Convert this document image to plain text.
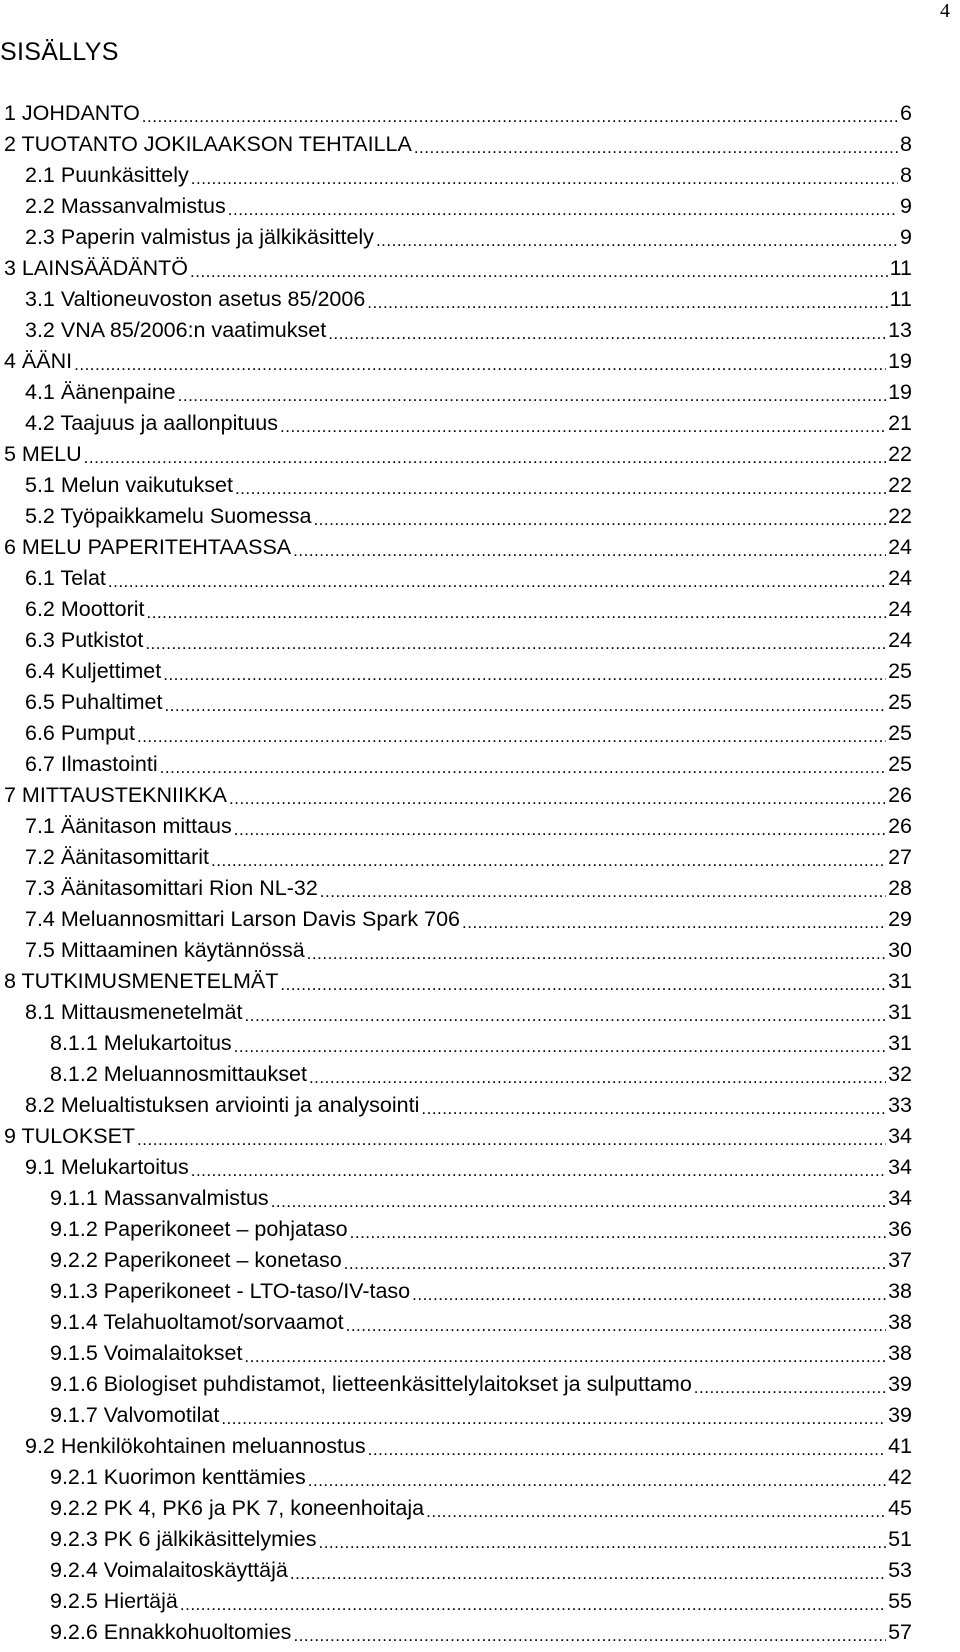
4
SISÄLLYS
1 JOHDANTO .....	6
2 TUOTANTO JOKILAAKSON TEHTAILLA .....	8
2.1 Puunkäsittely .....	8
2.2 Massanvalmistus .....	9
2.3 Paperin valmistus ja jälkikäsittely .....	9
3 LAINSÄÄDÄNTÖ .....	11
3.1 Valtioneuvoston asetus 85/2006 .....	11
3.2 VNA 85/2006:n vaatimukset .....	13
4 ÄÄNI .....	19
4.1 Äänenpaine .....	19
4.2 Taajuus ja aallonpituus .....	21
5 MELU .....	22
5.1 Melun vaikutukset .....	22
5.2 Työpaikkamelu Suomessa .....	22
6 MELU PAPERITEHTAASSA .....	24
6.1 Telat .....	24
6.2 Moottorit .....	24
6.3 Putkistot .....	24
6.4 Kuljettimet .....	25
6.5 Puhaltimet .....	25
6.6 Pumput .....	25
6.7 Ilmastointi .....	25
7 MITTAUSTEKNIIKKA .....	26
7.1 Äänitason mittaus .....	26
7.2 Äänitasomittarit .....	27
7.3 Äänitasomittari Rion NL-32 .....	28
7.4 Meluannosmittari Larson Davis Spark 706 .....	29
7.5 Mittaaminen käytännössä .....	30
8 TUTKIMUSMENETELMÄT .....	31
8.1 Mittausmenetelmät .....	31
8.1.1 Melukartoitus .....	31
8.1.2 Meluannosmittaukset .....	32
8.2 Melualtistuksen arviointi ja analysointi .....	33
9 TULOKSET .....	34
9.1 Melukartoitus .....	34
9.1.1 Massanvalmistus .....	34
9.1.2 Paperikoneet – pohjataso .....	36
9.2.2 Paperikoneet – konetaso .....	37
9.1.3 Paperikoneet - LTO-taso/IV-taso .....	38
9.1.4 Telahuoltamot/sorvaamot .....	38
9.1.5 Voimalaitokset .....	38
9.1.6 Biologiset puhdistamot, lietteenkäsittelylaitokset ja sulputtamo .....	39
9.1.7 Valvomotilat .....	39
9.2 Henkilökohtainen meluannostus .....	41
9.2.1 Kuorimon kenttämies .....	42
9.2.2 PK 4, PK6 ja PK 7, koneenhoitaja .....	45
9.2.3 PK 6 jälkikäsittelymies .....	51
9.2.4 Voimalaitoskäyttäjä .....	53
9.2.5 Hiertäjä .....	55
9.2.6 Ennakkohuoltomies .....	57
